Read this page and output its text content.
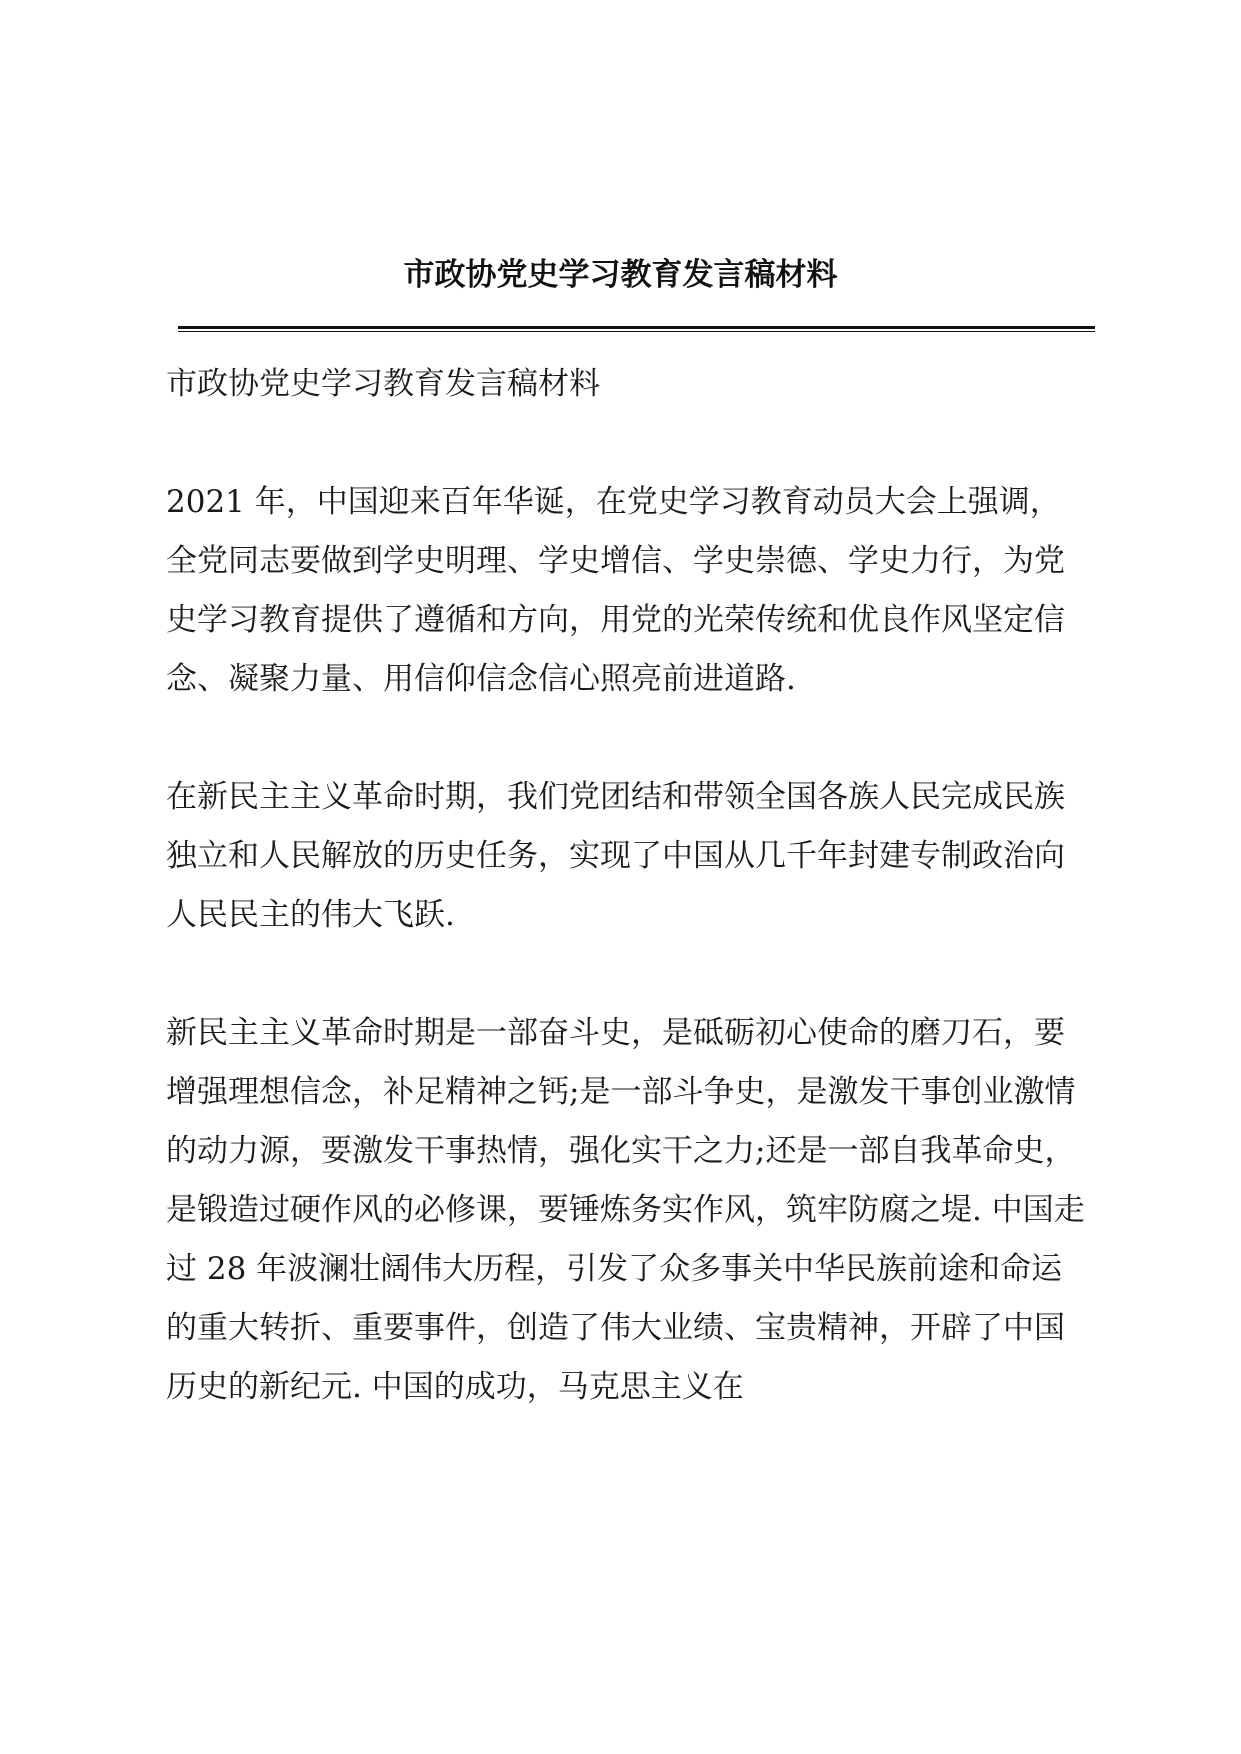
市政协党史学习教育发言稿材料

市政协党史学习教育发言稿材料

2021 年，中国迎来百年华诞，在党史学习教育动员大会上强调，全党同志要做到学史明理、学史增信、学史崇德、学史力行，为党史学习教育提供了遵循和方向，用党的光荣传统和优良作风坚定信念、凝聚力量、用信仰信念信心照亮前进道路.

在新民主主义革命时期，我们党团结和带领全国各族人民完成民族独立和人民解放的历史任务，实现了中国从几千年封建专制政治向人民民主的伟大飞跃.

新民主主义革命时期是一部奋斗史，是砥砺初心使命的磨刀石，要增强理想信念，补足精神之钙;是一部斗争史，是激发干事创业激情的动力源，要激发干事热情，强化实干之力;还是一部自我革命史，是锻造过硬作风的必修课，要锤炼务实作风，筑牢防腐之堤. 中国走过 28 年波澜壮阔伟大历程，引发了众多事关中华民族前途和命运的重大转折、重要事件，创造了伟大业绩、宝贵精神，开辟了中国历史的新纪元. 中国的成功，马克思主义在
